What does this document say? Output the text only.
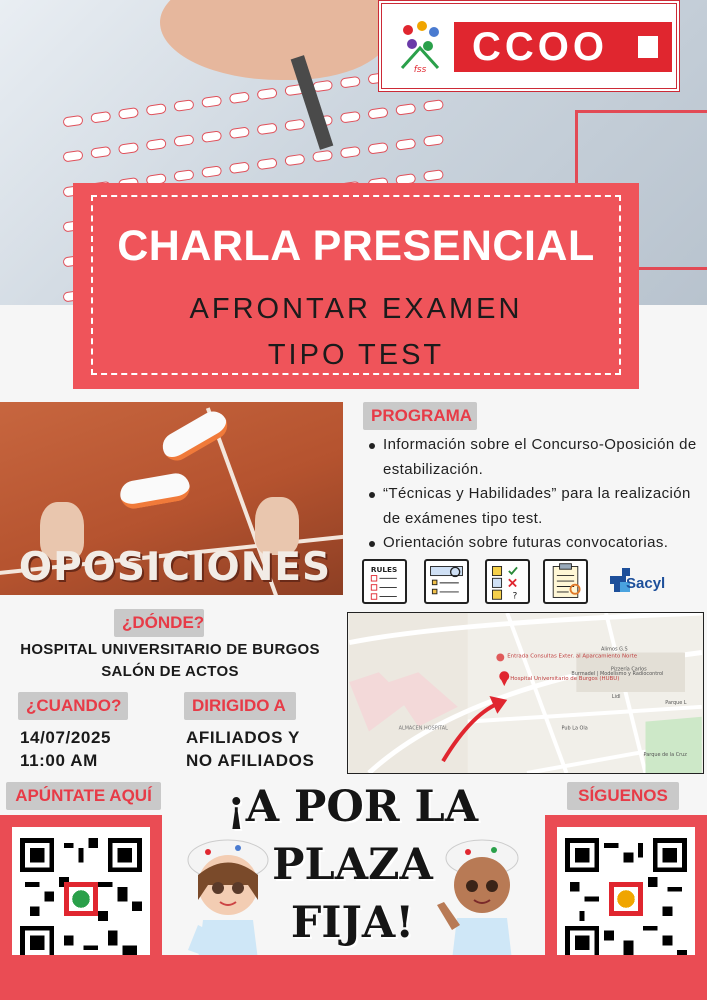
fss
CCOO
CHARLA PRESENCIAL
AFRONTAR EXAMEN
TIPO TEST
OPOSICIONES
PROGRAMA
Información sobre el Concurso-Oposición de estabilización.
“Técnicas y Habilidades” para la realización de exámenes tipo test.
Orientación sobre futuras convocatorias.
RULES
?
Sacyl
¿DÓNDE?
HOSPITAL UNIVERSITARIO DE BURGOS
SALÓN DE ACTOS
¿CUANDO?	DIRIGIDO A
14/07/2025
11:00 AM
AFILIADOS Y
NO AFILIADOS
Entrada Consultas Exter. al Aparcamiento Norte
Hospital Universitario de Burgos (HUBU)
ALMACEN HOSPITAL
Burmadel | Modelismo y Radiocontrol
Lidl
Pizzería Carlos
Pub La Ola
Alimos G.S
Parque L
Parque de la Cruz
APÚNTATE AQUÍ	SÍGUENOS
¡A POR LA
PLAZA
FIJA!
